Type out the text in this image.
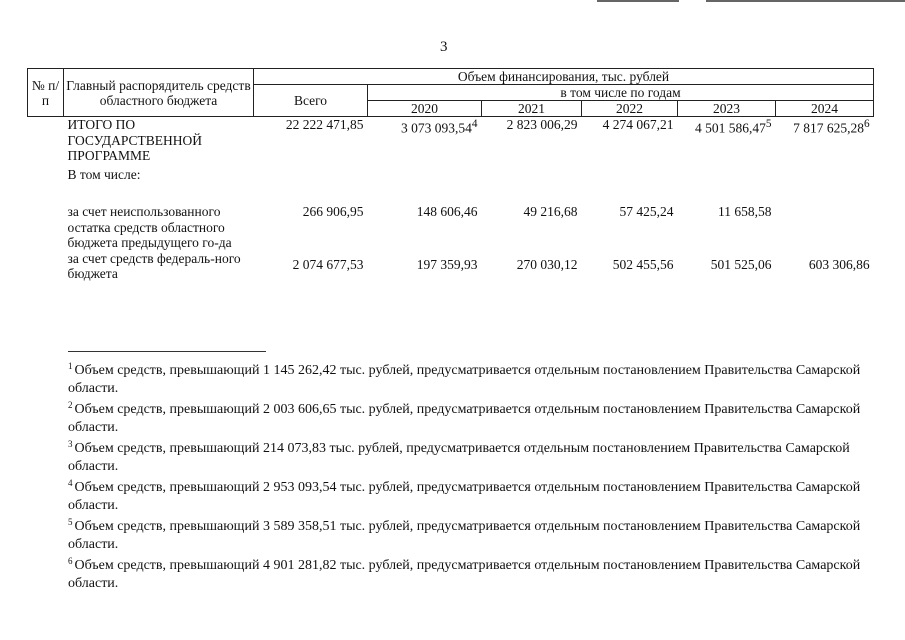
3
№ п/п	Главный распорядитель средств областного бюджета	Объем финансирования, тыс. рублей					
		Всего	в том числе по годам				
			2020	2021	2022	2023	2024
	ИТОГО ПО ГОСУДАРСТВЕННОЙ ПРОГРАММЕ	22 222 471,85	3 073 093,54$^4$	2 823 006,29	4 274 067,21	4 501 586,47$^5$	7 817 625,28$^6$
	В том числе:						
	за счет неиспользованного остатка средств областного бюджета предыдущего го-да	266 906,95	148 606,46	49 216,68	57 425,24	11 658,58	
	за счет средств федераль-ного бюджета	2 074 677,53	197 359,93	270 030,12	502 455,56	501 525,06	603 306,86

$^1$ Объем средств, превышающий 1 145 262,42 тыс. рублей, предусматривается отдельным постановлением Правительства Самарской области.

$^2$ Объем средств, превышающий 2 003 606,65 тыс. рублей, предусматривается отдельным постановлением Правительства Самарской области.

$^3$ Объем средств, превышающий 214 073,83 тыс. рублей, предусматривается отдельным постановлением Правительства Самарской области.

$^4$ Объем средств, превышающий 2 953 093,54 тыс. рублей, предусматривается отдельным постановлением Правительства Самарской области.

$^5$ Объем средств, превышающий 3 589 358,51 тыс. рублей, предусматривается отдельным постановлением Правительства Самарской области.

$^6$ Объем средств, превышающий 4 901 281,82 тыс. рублей, предусматривается отдельным постановлением Правительства Самарской области.
